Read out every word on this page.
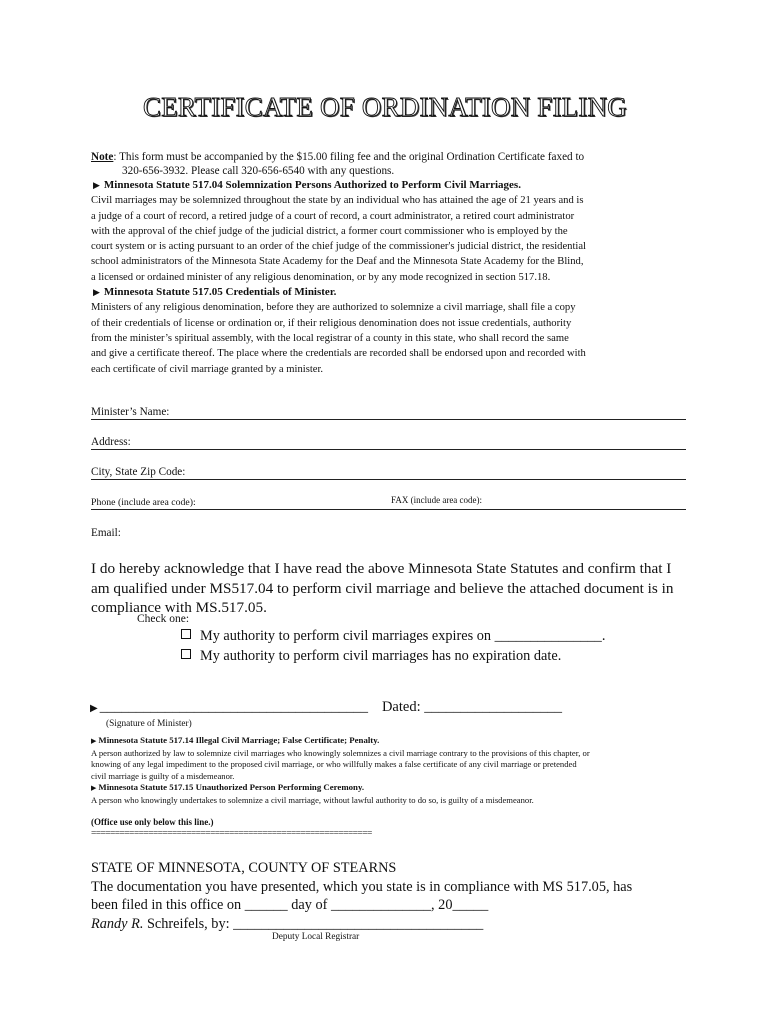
CERTIFICATE OF ORDINATION FILING
Note: This form must be accompanied by the $15.00 filing fee and the original Ordination Certificate faxed to
320-656-3932. Please call 320-656-6540 with any questions.
▶ Minnesota Statute 517.04 Solemnization Persons Authorized to Perform Civil Marriages.
Civil marriages may be solemnized throughout the state by an individual who has attained the age of 21 years and is
a judge of a court of record, a retired judge of a court of record, a court administrator, a retired court administrator
with the approval of the chief judge of the judicial district, a former court commissioner who is employed by the
court system or is acting pursuant to an order of the chief judge of the commissioner's judicial district, the residential
school administrators of the Minnesota State Academy for the Deaf and the Minnesota State Academy for the Blind,
a licensed or ordained minister of any religious denomination, or by any mode recognized in section 517.18.
▶ Minnesota Statute 517.05 Credentials of Minister.
Ministers of any religious denomination, before they are authorized to solemnize a civil marriage, shall file a copy
of their credentials of license or ordination or, if their religious denomination does not issue credentials, authority
from the minister’s spiritual assembly, with the local registrar of a county in this state, who shall record the same
and give a certificate thereof. The place where the credentials are recorded shall be endorsed upon and recorded with
each certificate of civil marriage granted by a minister.
Minister’s Name:
Address:
City, State Zip Code:
Phone (include area code):	FAX (include area code):
Email:
I do hereby acknowledge that I have read the above Minnesota State Statutes and confirm that I
am qualified under MS517.04 to perform civil marriage and believe the attached document is in
compliance with MS.517.05.
Check one:
My authority to perform civil marriages expires on _______________.
My authority to perform civil marriages has no expiration date.
▶ _____________________________________ Dated: ___________________
(Signature of Minister)
▶ Minnesota Statute 517.14 Illegal Civil Marriage; False Certificate; Penalty.
A person authorized by law to solemnize civil marriages who knowingly solemnizes a civil marriage contrary to the provisions of this chapter, or
knowing of any legal impediment to the proposed civil marriage, or who willfully makes a false certificate of any civil marriage or pretended
civil marriage is guilty of a misdemeanor.
▶ Minnesota Statute 517.15 Unauthorized Person Performing Ceremony.
A person who knowingly undertakes to solemnize a civil marriage, without lawful authority to do so, is guilty of a misdemeanor.
(Office use only below this line.)
===========================================================
STATE OF MINNESOTA, COUNTY OF STEARNS
The documentation you have presented, which you state is in compliance with MS 517.05, has
been filed in this office on ______ day of ______________, 20_____
Randy R. Schreifels, by: ___________________________________
Deputy Local Registrar
